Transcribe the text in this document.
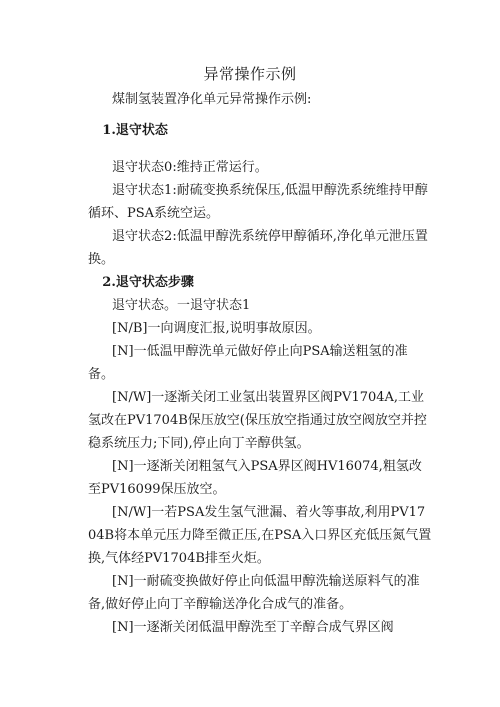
异常操作示例

煤制氢装置净化单元异常操作示例:

1.退守状态

退守状态0:维持正常运行。

退守状态1:耐硫变换系统保压,低温甲醇洗系统维持甲醇循环、PSA系统空运。

退守状态2:低温甲醇洗系统停甲醇循环,净化单元泄压置换。

2.退守状态步骤

退守状态。一退守状态1

[N/B]一向调度汇报,说明事故原因。

[N]一低温甲醇洗单元做好停止向PSA输送粗氢的准备。

[N/W]一逐渐关闭工业氢出装置界区阀PV1704A,工业氢改在PV1704B保压放空(保压放空指通过放空阀放空并控稳系统压力;下同),停止向丁辛醇供氢。

[N]一逐渐关闭粗氢气入PSA界区阀HV16074,粗氢改至PV16099保压放空。

[N/W]一若PSA发生氢气泄漏、着火等事故,利用PV1704B将本单元压力降至微正压,在PSA入口界区充低压氮气置换,气体经PV1704B排至火炬。

[N]一耐硫变换做好停止向低温甲醇洗输送原料气的准备,做好停止向丁辛醇输送净化合成气的准备。

[N]一逐渐关闭低温甲醇洗至丁辛醇合成气界区阀
